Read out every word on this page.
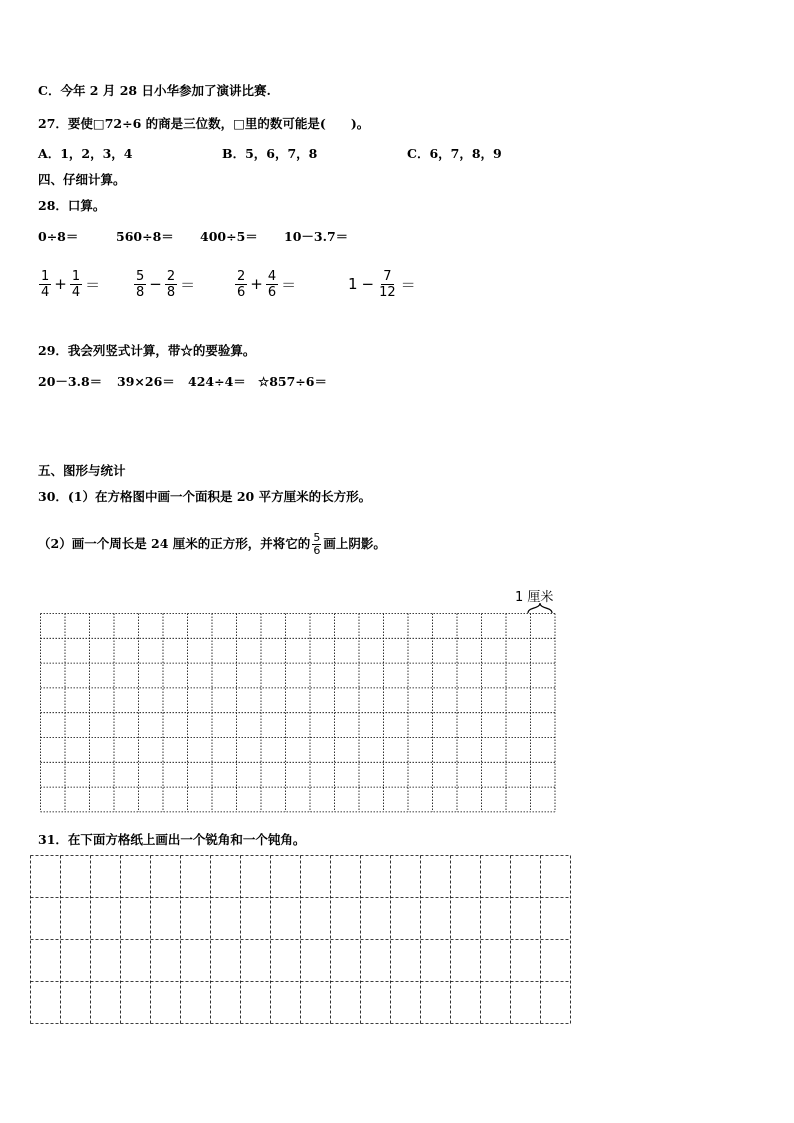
C．今年 2 月 28 日小华参加了演讲比赛.
27．要使□72÷6 的商是三位数，□里的数可能是(　　)。
A．1，2，3，4	B．5，6，7，8	C．6，7，8，9
四、仔细计算。
28．口算。
0÷8＝	560÷8＝ 400÷5＝ 10－3.7＝
$\frac{1}{4} + \frac{1}{4}$ ＝	$\frac{5}{8} - \frac{2}{8}$ ＝	$\frac{2}{6} + \frac{4}{6}$ ＝	$1 - \frac{7}{12}$ ＝
29．我会列竖式计算，带☆的要验算。
20－3.8＝ 39×26＝ 424÷4＝ ☆857÷6＝
五、图形与统计
30．(1）在方格图中画一个面积是 20 平方厘米的长方形。
（2）画一个周长是 24 厘米的正方形，并将它的 $\frac{5}{6}$ 画上阴影。
1 厘米
31．在下面方格纸上画出一个锐角和一个钝角。
